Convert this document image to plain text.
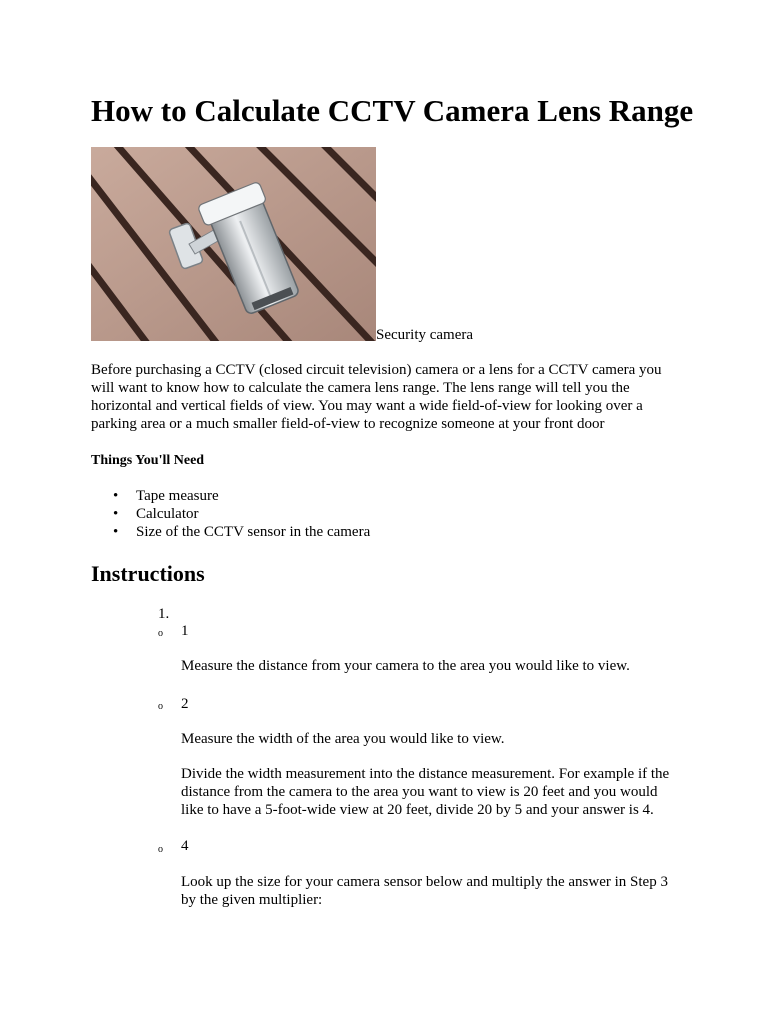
How to Calculate CCTV Camera Lens Range
Security camera

Before purchasing a CCTV (closed circuit television) camera or a lens for a CCTV camera you will want to know how to calculate the camera lens range. The lens range will tell you the horizontal and vertical fields of view. You may want a wide field-of-view for looking over a parking area or a much smaller field-of-view to recognize someone at your front door

Things You'll Need
• Tape measure
• Calculator
• Size of the CCTV sensor in the camera
Instructions
1.
o 1

Measure the distance from your camera to the area you would like to view.

o 2

Measure the width of the area you would like to view.

Divide the width measurement into the distance measurement. For example if the distance from the camera to the area you want to view is 20 feet and you would like to have a 5-foot-wide view at 20 feet, divide 20 by 5 and your answer is 4.

o 4

Look up the size for your camera sensor below and multiply the answer in Step 3 by the given multiplier:
